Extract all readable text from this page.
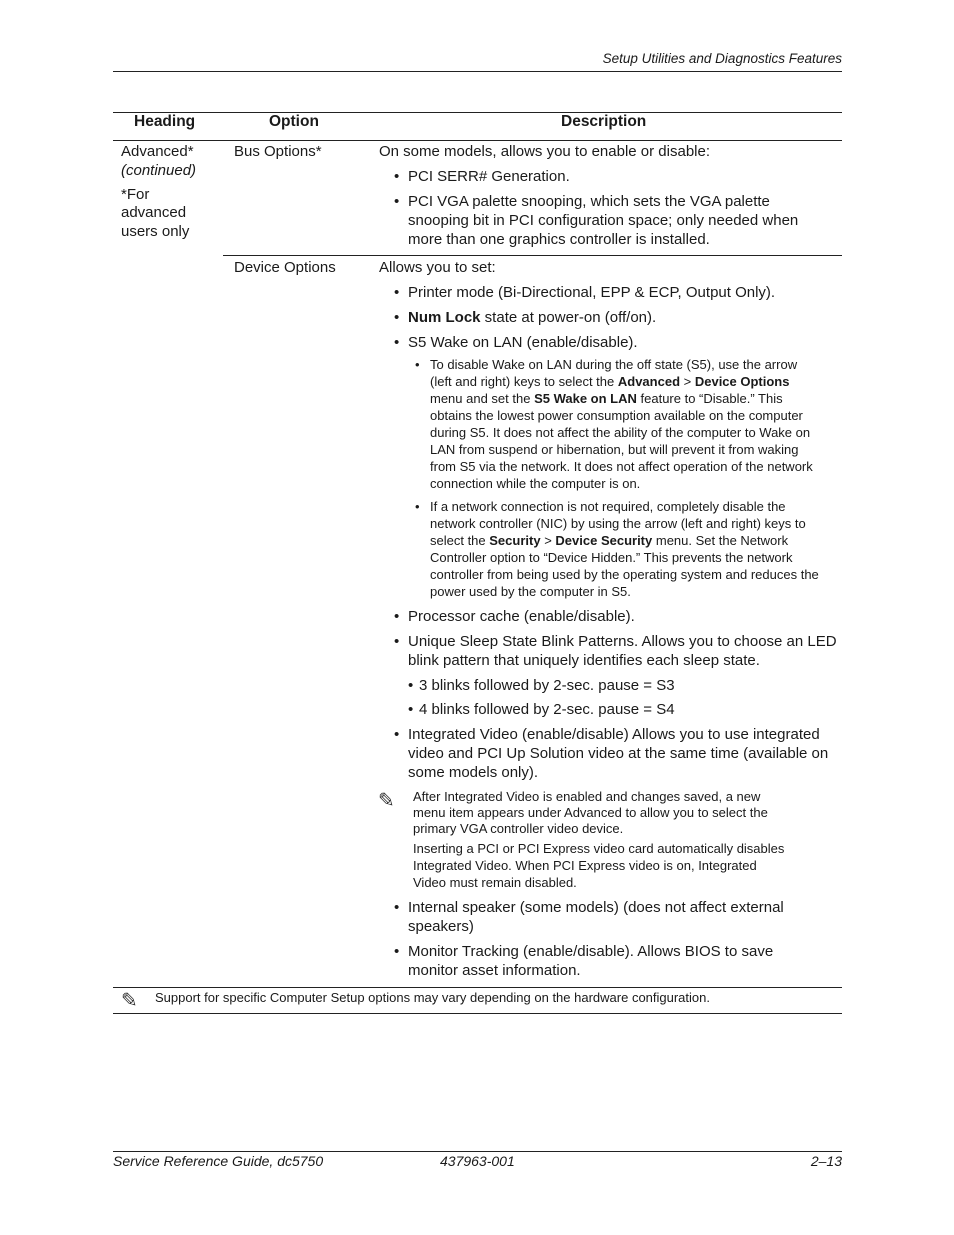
Setup Utilities and Diagnostics Features
Heading	Option	Description
Advanced*
(continued)
*For
advanced
users only
Bus Options*	On some models, allows you to enable or disable:
• PCI SERR# Generation.
• PCI VGA palette snooping, which sets the VGA palette
snooping bit in PCI configuration space; only needed when
more than one graphics controller is installed.
Device Options	Allows you to set:
• Printer mode (Bi-Directional, EPP & ECP, Output Only).
• Num Lock state at power-on (off/on).
• S5 Wake on LAN (enable/disable).
• To disable Wake on LAN during the off state (S5), use the arrow
(left and right) keys to select the Advanced > Device Options
menu and set the S5 Wake on LAN feature to “Disable.” This
obtains the lowest power consumption available on the computer
during S5. It does not affect the ability of the computer to Wake on
LAN from suspend or hibernation, but will prevent it from waking
from S5 via the network. It does not affect operation of the network
connection while the computer is on.
• If a network connection is not required, completely disable the
network controller (NIC) by using the arrow (left and right) keys to
select the Security > Device Security menu. Set the Network
Controller option to “Device Hidden.” This prevents the network
controller from being used by the operating system and reduces the
power used by the computer in S5.
• Processor cache (enable/disable).
• Unique Sleep State Blink Patterns. Allows you to choose an LED
blink pattern that uniquely identifies each sleep state.
• 3 blinks followed by 2-sec. pause = S3
• 4 blinks followed by 2-sec. pause = S4
• Integrated Video (enable/disable) Allows you to use integrated
video and PCI Up Solution video at the same time (available on
some models only).
✎ After Integrated Video is enabled and changes saved, a new
menu item appears under Advanced to allow you to select the
primary VGA controller video device.
Inserting a PCI or PCI Express video card automatically disables
Integrated Video. When PCI Express video is on, Integrated
Video must remain disabled.
• Internal speaker (some models) (does not affect external
speakers)
• Monitor Tracking (enable/disable). Allows BIOS to save
monitor asset information.
✎ Support for specific Computer Setup options may vary depending on the hardware configuration.
Service Reference Guide, dc5750	437963-001	2–13
